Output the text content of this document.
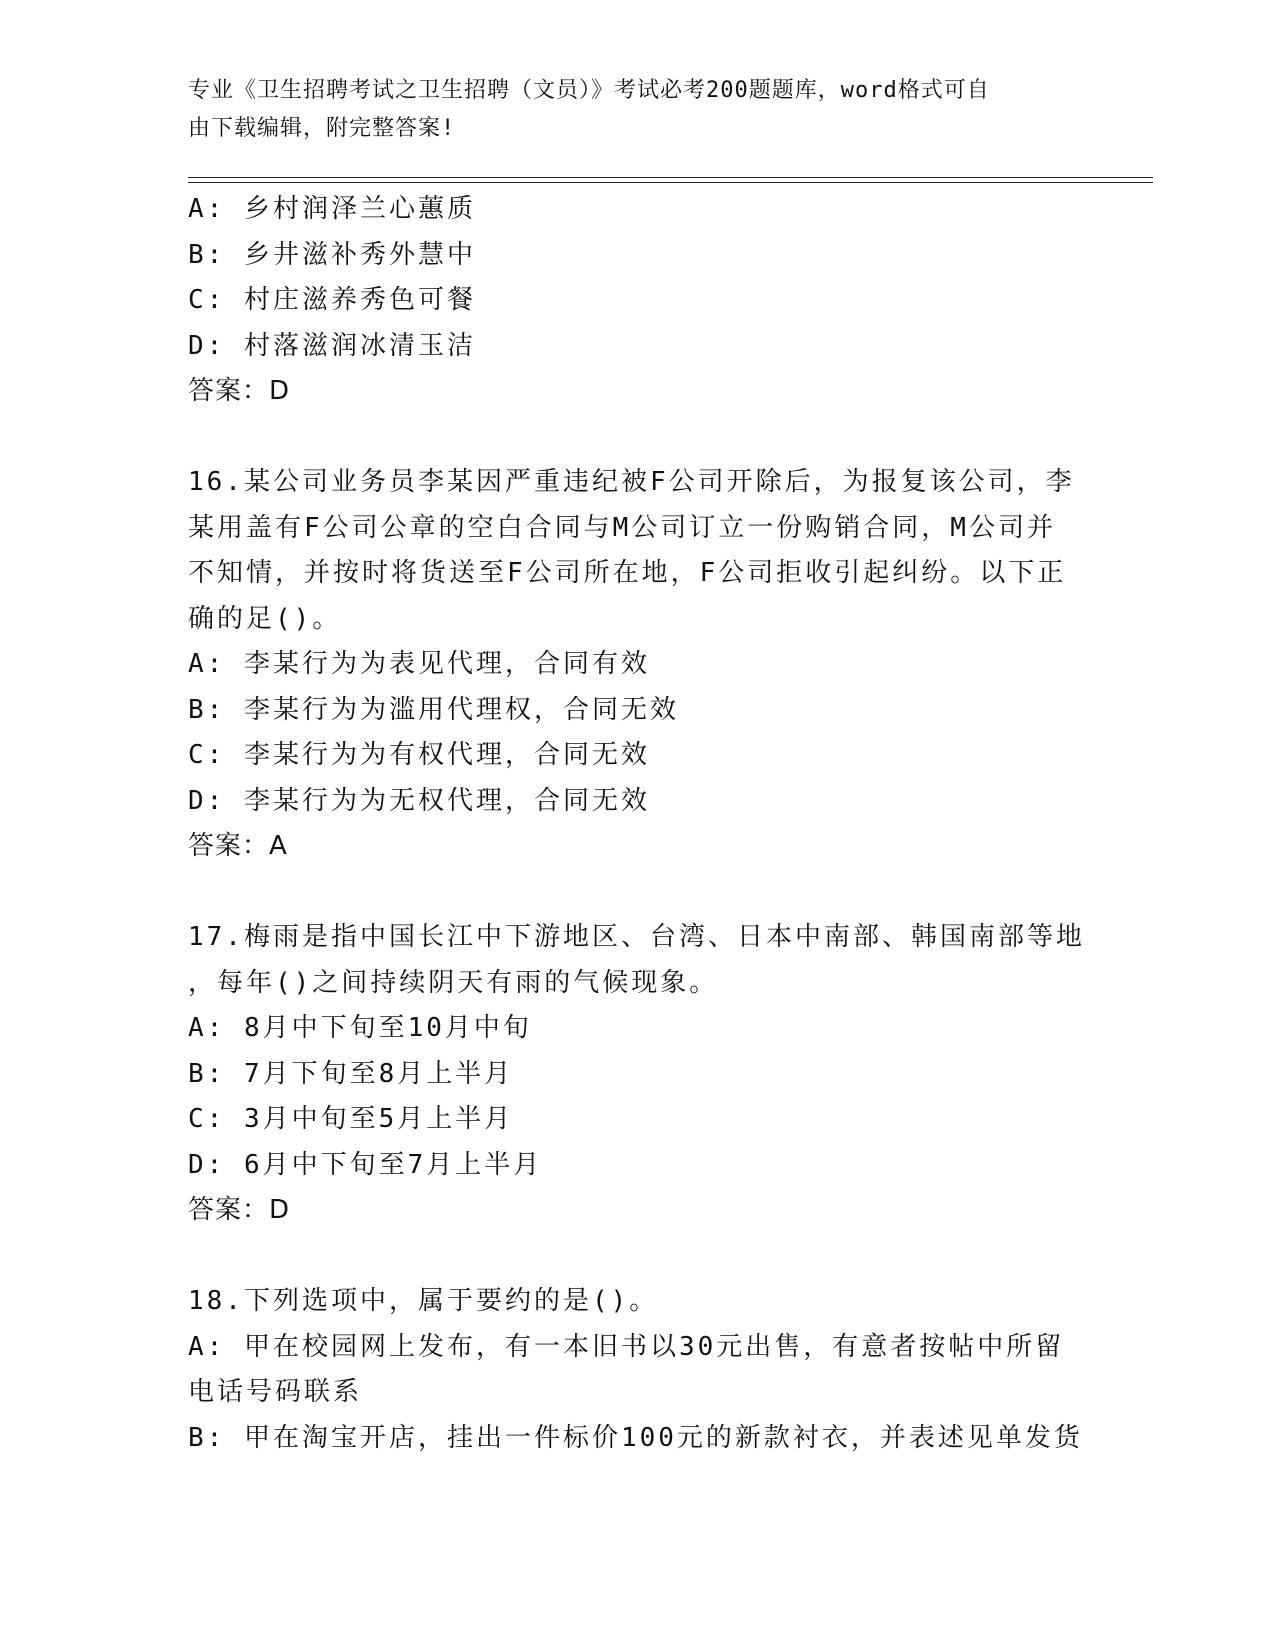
专业《卫生招聘考试之卫生招聘（文员）》考试必考200题题库，word格式可自
由下载编辑，附完整答案!
A: 乡村润泽兰心蕙质
B: 乡井滋补秀外慧中
C: 村庄滋养秀色可餐
D: 村落滋润冰清玉洁
答案：D
16.某公司业务员李某因严重违纪被F公司开除后，为报复该公司，李
某用盖有F公司公章的空白合同与M公司订立一份购销合同，M公司并
不知情，并按时将货送至F公司所在地，F公司拒收引起纠纷。以下正
确的足()。
A: 李某行为为表见代理，合同有效
B: 李某行为为滥用代理权，合同无效
C: 李某行为为有权代理，合同无效
D: 李某行为为无权代理，合同无效
答案：A
17.梅雨是指中国长江中下游地区、台湾、日本中南部、韩国南部等地
，每年()之间持续阴天有雨的气候现象。
A: 8月中下旬至10月中旬
B: 7月下旬至8月上半月
C: 3月中旬至5月上半月
D: 6月中下旬至7月上半月
答案：D
18.下列选项中，属于要约的是()。
A: 甲在校园网上发布，有一本旧书以30元出售，有意者按帖中所留
电话号码联系
B: 甲在淘宝开店，挂出一件标价100元的新款衬衣，并表述见单发货
